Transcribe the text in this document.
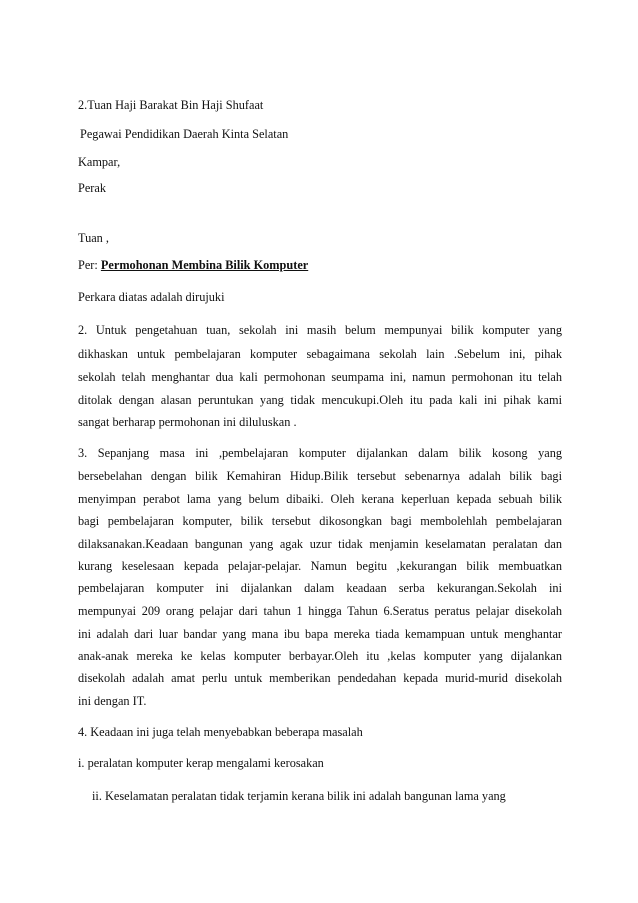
2.Tuan Haji Barakat Bin Haji Shufaat
Pegawai Pendidikan Daerah Kinta Selatan
Kampar,
Perak
Tuan ,
Per: Permohonan Membina Bilik Komputer
Perkara diatas adalah dirujuki
2. Untuk pengetahuan tuan, sekolah ini masih belum mempunyai bilik komputer yang
dikhaskan untuk pembelajaran komputer sebagaimana sekolah lain .Sebelum ini, pihak
sekolah telah menghantar dua kali permohonan seumpama ini, namun permohonan itu telah
ditolak dengan alasan peruntukan yang tidak mencukupi.Oleh itu pada kali ini pihak kami
sangat berharap permohonan ini diluluskan .
3. Sepanjang masa ini ,pembelajaran komputer dijalankan dalam bilik kosong yang
bersebelahan dengan bilik Kemahiran Hidup.Bilik tersebut sebenarnya adalah bilik bagi
menyimpan perabot lama yang belum dibaiki. Oleh kerana keperluan kepada sebuah bilik
bagi pembelajaran komputer, bilik tersebut dikosongkan bagi membolehlah pembelajaran
dilaksanakan.Keadaan bangunan yang agak uzur tidak menjamin keselamatan peralatan dan
kurang keselesaan kepada pelajar-pelajar. Namun begitu ,kekurangan bilik membuatkan
pembelajaran komputer ini dijalankan dalam keadaan serba kekurangan.Sekolah ini
mempunyai 209 orang pelajar dari tahun 1 hingga Tahun 6.Seratus peratus pelajar disekolah
ini adalah dari luar bandar yang mana ibu bapa mereka tiada kemampuan untuk menghantar
anak-anak mereka ke kelas komputer berbayar.Oleh itu ,kelas komputer yang dijalankan
disekolah adalah amat perlu untuk memberikan pendedahan kepada murid-murid disekolah
ini dengan IT.
4. Keadaan ini juga telah menyebabkan beberapa masalah
i. peralatan komputer kerap mengalami kerosakan
ii. Keselamatan peralatan tidak terjamin kerana bilik ini adalah bangunan lama yang
